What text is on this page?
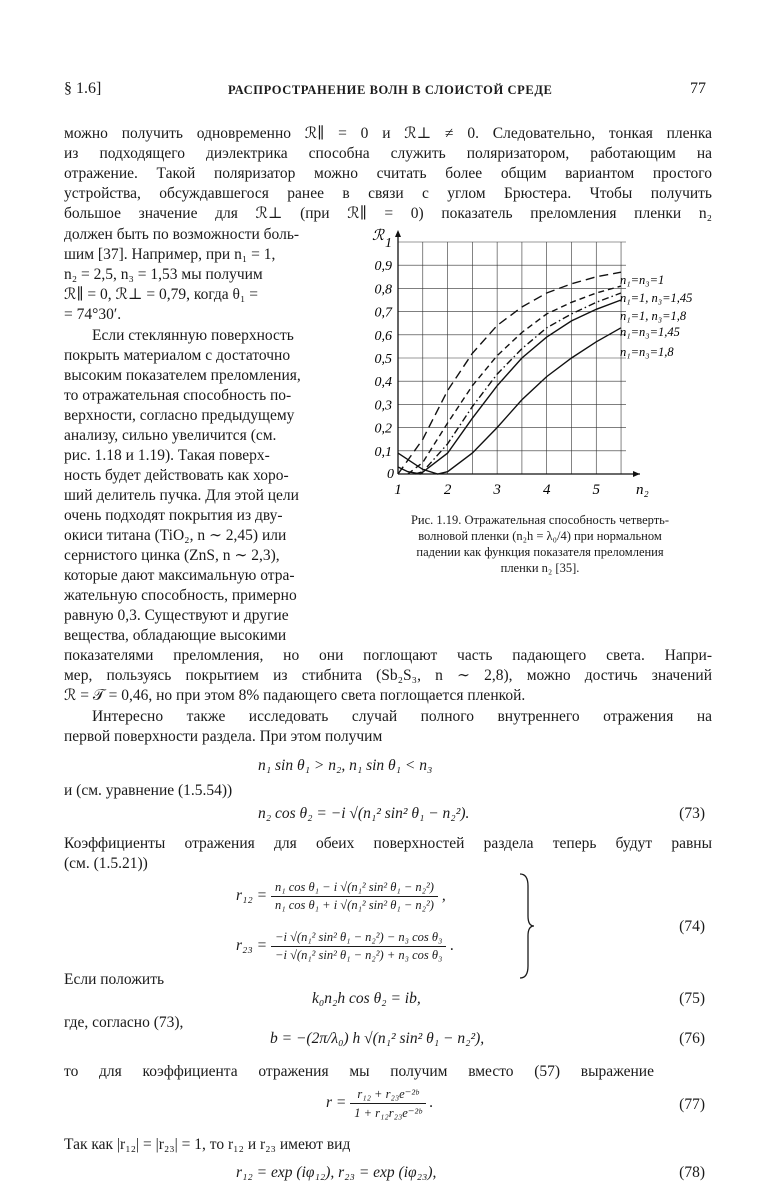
§ 1.6]	РАСПРОСТРАНЕНИЕ ВОЛН В СЛОИСТОЙ СРЕДЕ	77
можно получить одновременно ℛ∥ = 0 и ℛ⊥ ≠ 0. Следовательно, тонкая пленка
из подходящего диэлектрика способна служить поляризатором, работающим на
отражение. Такой поляризатор можно считать более общим вариантом простого
устройства, обсуждавшегося ранее в связи с углом Брюстера. Чтобы получить
большое значение для ℛ⊥ (при ℛ∥ = 0) показатель преломления пленки n₂
должен быть по возможности боль-
шим [37]. Например, при n₁ = 1,
n₂ = 2,5, n₃ = 1,53 мы получим
ℛ∥ = 0, ℛ⊥ = 0,79, когда θ₁ =
= 74°30′.
Если стеклянную поверхность
покрыть материалом с достаточно
высоким показателем преломления,
то отражательная способность по-
верхности, согласно предыдущему
анализу, сильно увеличится (см.
рис. 1.18 и 1.19). Такая поверх-
ность будет действовать как хоро-
ший делитель пучка. Для этой цели
очень подходят покрытия из дву-
окиси титана (TiO₂, n ∼ 2,45) или
сернистого цинка (ZnS, n ∼ 2,3),
которые дают максимальную отра-
жательную способность, примерно
равную 0,3. Существуют и другие
вещества, обладающие высокими
ℛ
n₂
0,1
0,2
0,3
0,4
0,5
0,6
0,7
0,8
0,9
1
1	2	3	4	5
0
n₁=n₃=1
n₁=1, n₃=1,45
n₁=1, n₃=1,8
n₁=n₃=1,45
n₁=n₃=1,8
Рис. 1.19. Отражательная способность четверть-
волновой пленки (n₂h = λ₀/4) при нормальном
падении как функция показателя преломления
пленки n₂ [35].
показателями преломления, но они поглощают часть падающего света. Напри-
мер, пользуясь покрытием из стибнита (Sb₂S₃, n ∼ 2,8), можно достичь значений
ℛ = 𝒯 = 0,46, но при этом 8% падающего света поглощается пленкой.
Интересно также исследовать случай полного внутреннего отражения на
первой поверхности раздела. При этом получим
n₁ sin θ₁ > n₂, n₁ sin θ₁ < n₃
и (см. уравнение (1.5.54))
n₂ cos θ₂ = −i √(n₁² sin² θ₁ − n₂²).	(73)
Коэффициенты отражения для обеих поверхностей раздела теперь будут равны
(см. (1.5.21))
$r_{12} = \frac{\text{n₁ cos θ₁ − i √(n₁² sin² θ₁ − n₂²)}}{\text{n₁ cos θ₁ + i √(n₁² sin² θ₁ − n₂²)}}$ ,
$r_{23} = \frac{\text{−i √(n₁² sin² θ₁ − n₂²) − n₃ cos θ₃}}{\text{−i √(n₁² sin² θ₁ − n₂²) + n₃ cos θ₃}}$ .
(74)
Если положить
k₀n₂h cos θ₂ = ib,	(75)
где, согласно (73),
b = −(2π/λ₀) h √(n₁² sin² θ₁ − n₂²),	(76)
то для коэффициента отражения мы получим вместо (57) выражение
$r = \frac{\text{r₁₂ + r₂₃e⁻²ᵇ}}{\text{1 + r₁₂r₂₃e⁻²ᵇ}}$ .	(77)
Так как |r₁₂| = |r₂₃| = 1, то r₁₂ и r₂₃ имеют вид
r₁₂ = exp (iφ₁₂), r₂₃ = exp (iφ₂₃),	(78)
